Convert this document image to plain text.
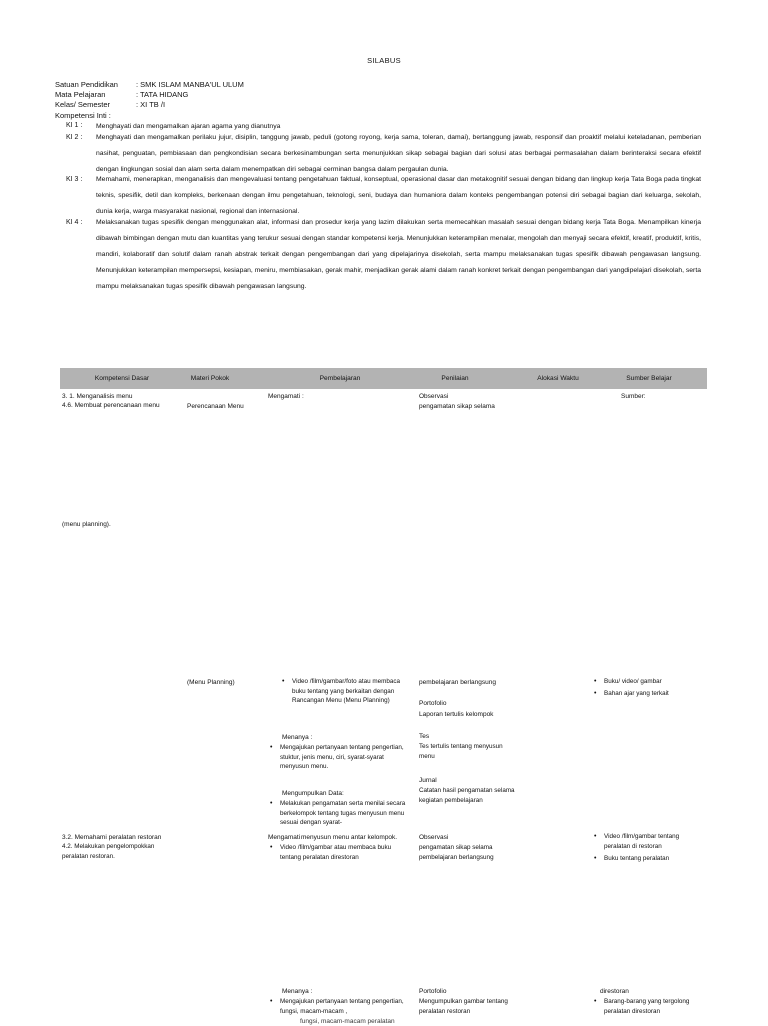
SILABUS
Satuan Pendidikan : SMK ISLAM MANBA'UL ULUM
Mata Pelajaran	: TATA HIDANG
Kelas/ Semester	: XI TB /I
Kompetensi Inti :
KI 1 : Menghayati dan mengamalkan ajaran agama yang dianutnya
KI 2 : Menghayati dan mengamalkan perilaku jujur, disiplin, tanggung jawab, peduli (gotong royong, kerja sama, toleran, damai), bertanggung jawab, responsif dan proaktif melalui keteladanan, pemberian nasihat, penguatan, pembiasaan dan pengkondisian secara berkesinambungan serta menunjukkan sikap sebagai bagian dari solusi atas berbagai permasalahan dalam berinteraksi secara efektif dengan lingkungan sosial dan alam serta dalam menempatkan diri sebagai cerminan bangsa dalam pergaulan dunia.
KI 3 : Memahami, menerapkan, menganalisis dan mengevaluasi tentang pengetahuan faktual, konseptual, operasional dasar dan metakognitif sesuai dengan bidang dan lingkup kerja Tata Boga pada tingkat teknis, spesifik, detil dan kompleks, berkenaan dengan ilmu pengetahuan, teknologi, seni, budaya dan humaniora dalam konteks pengembangan potensi diri sebagai bagian dari keluarga, sekolah, dunia kerja, warga masyarakat nasional, regional dan internasional.
KI 4 : Melaksanakan tugas spesifik dengan menggunakan alat, informasi dan prosedur kerja yang lazim dilakukan serta memecahkan masalah sesuai dengan bidang kerja Tata Boga. Menampilkan kinerja dibawah bimbingan dengan mutu dan kuantitas yang terukur sesuai dengan standar kompetensi kerja. Menunjukkan keterampilan menalar, mengolah dan menyaji secara efektif, kreatif, produktif, kritis, mandiri, kolaboratif dan solutif dalam ranah abstrak terkait dengan pengembangan dari yang dipelajarinya disekolah, serta mampu melaksanakan tugas spesifik dibawah pengawasan langsung. Menunjukkan keterampilan mempersepsi, kesiapan, meniru, membiasakan, gerak mahir, menjadikan gerak alami dalam ranah konkret terkait dengan pengembangan dari yangdipelajari disekolah, serta mampu melaksanakan tugas spesifik dibawah pengawasan langsung.
Kompetensi Dasar	Materi Pokok	Pembelajaran	Penilaian	Alokasi Waktu	Sumber Belajar
3. 1. Menganalisis menu
4.6. Membuat perencanaan menu	Perencanaan Menu
Mengamati :	Observasi
pengamatan sikap selama
Sumber:
(menu planning).
(Menu Planning)
•	Video /film/gambar/foto atau membaca buku tentang yang berkaitan dengan Rancangan Menu (Menu Planning)
Menanya :
• Mengajukan pertanyaan tentang pengertian, stuktur, jenis menu, ciri, syarat-syarat menyusun menu.
Mengumpulkan Data:
• Melakukan pengamatan serta menilai secara berkelompok tentang tugas menyusun menu sesuai dengan syarat-
pembelajaran berlangsung
Portofolio
Laporan tertulis kelompok
Tes
Tes tertulis tentang menyusun menu
Jurnal
Catatan hasil pengamatan selama kegiatan pembelajaran
• Buku/ video/ gambar
• Bahan ajar yang terkait
3.2. Memahami peralatan restoran
4.2. Melakukan pengelompokkan peralatan restoran.
Mengamati menyusun menu antar kelompok.
• Video /film/gambar atau membaca buku tentang peralatan direstoran
Observasi
pengamatan sikap selama pembelajaran berlangsung
• Video /film/gambar tentang peralatan di restoran
• Buku tentang peralatan
Menanya :
• Mengajukan pertanyaan tentang pengertian, fungsi, macam-macam ,
fungsi, macam-macam peralatan
Portofolio
Mengumpulkan gambar tentang peralatan restoran
direstoran
• Barang-barang yang tergolong peralatan direstoran
